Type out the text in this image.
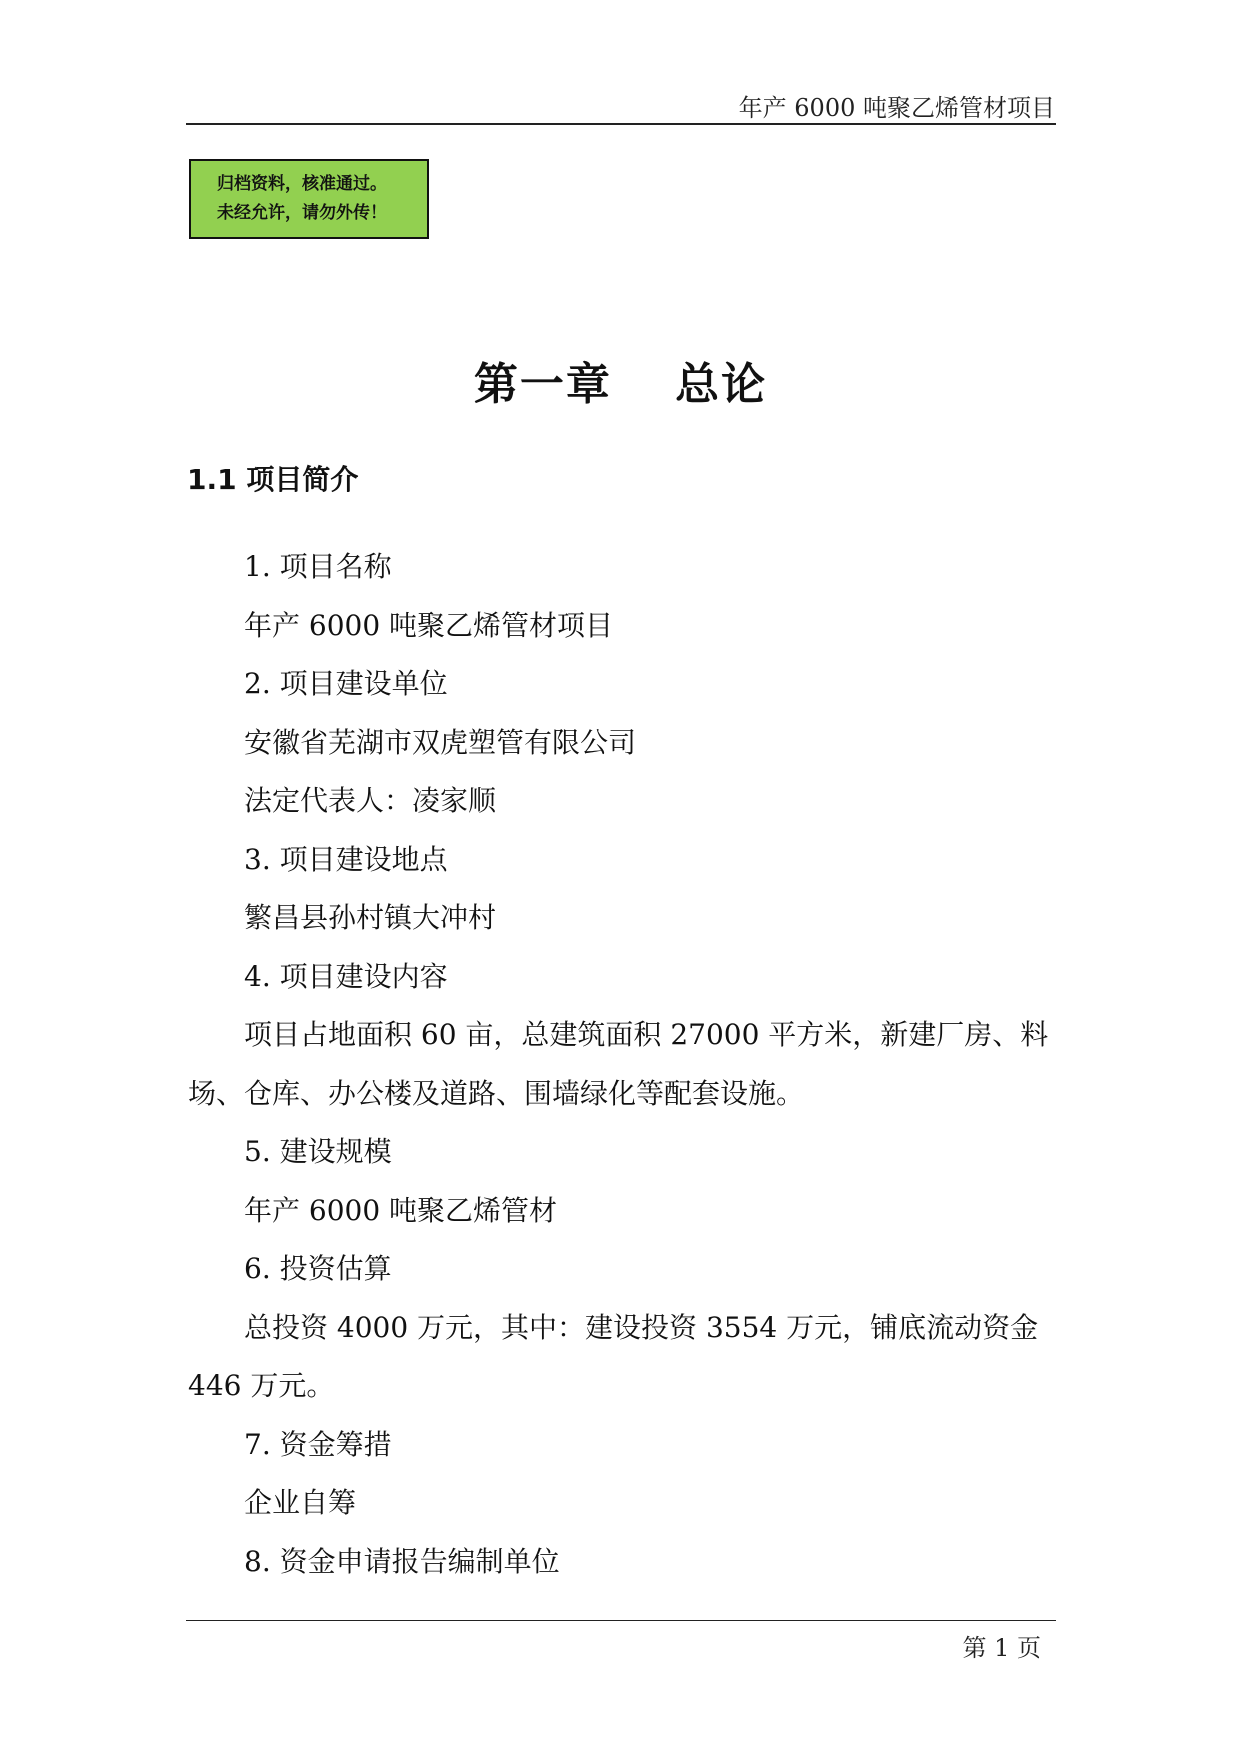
年产 6000 吨聚乙烯管材项目
归档资料，核准通过。
未经允许，请勿外传！
第一章　 总论
1.1 项目简介

1. 项目名称

年产 6000 吨聚乙烯管材项目

2. 项目建设单位

安徽省芜湖市双虎塑管有限公司

法定代表人：凌家顺

3. 项目建设地点

繁昌县孙村镇大冲村

4. 项目建设内容

项目占地面积 60 亩，总建筑面积 27000 平方米，新建厂房、料场、仓库、办公楼及道路、围墙绿化等配套设施。

5. 建设规模

年产 6000 吨聚乙烯管材

6. 投资估算

总投资 4000 万元，其中：建设投资 3554 万元，铺底流动资金 446 万元。

7. 资金筹措

企业自筹

8. 资金申请报告编制单位

第 1 页
